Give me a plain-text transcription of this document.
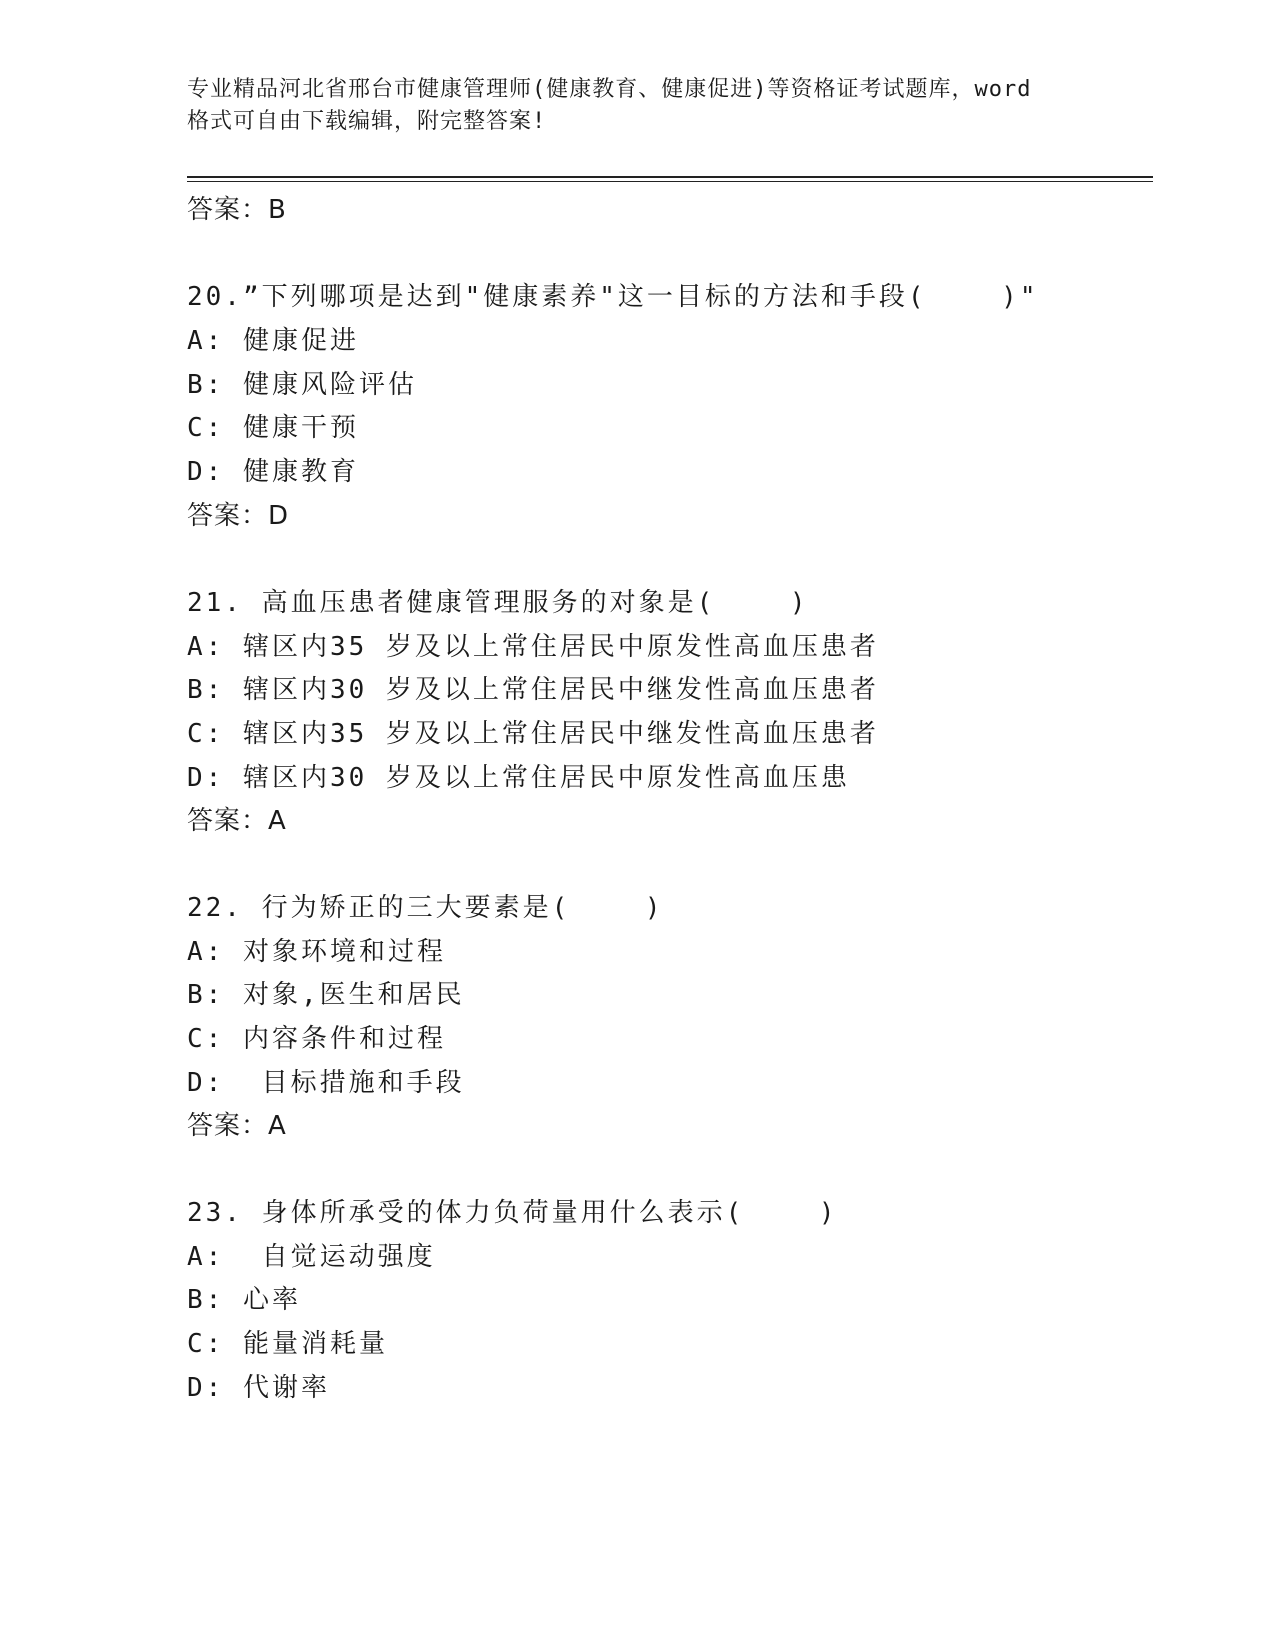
专业精品河北省邢台市健康管理师(健康教育、健康促进)等资格证考试题库，word
格式可自由下载编辑，附完整答案!
答案：B
20.”下列哪项是达到"健康素养"这一目标的方法和手段(    )"
A: 健康促进
B: 健康风险评估
C: 健康干预
D: 健康教育
答案：D
21. 高血压患者健康管理服务的对象是(    )
A: 辖区内35 岁及以上常住居民中原发性高血压患者
B: 辖区内30 岁及以上常住居民中继发性高血压患者
C: 辖区内35 岁及以上常住居民中继发性高血压患者
D: 辖区内30 岁及以上常住居民中原发性高血压患
答案：A
22. 行为矫正的三大要素是(    )
A: 对象环境和过程
B: 对象,医生和居民
C: 内容条件和过程
D:  目标措施和手段
答案：A
23. 身体所承受的体力负荷量用什么表示(    )
A:  自觉运动强度
B: 心率
C: 能量消耗量
D: 代谢率
